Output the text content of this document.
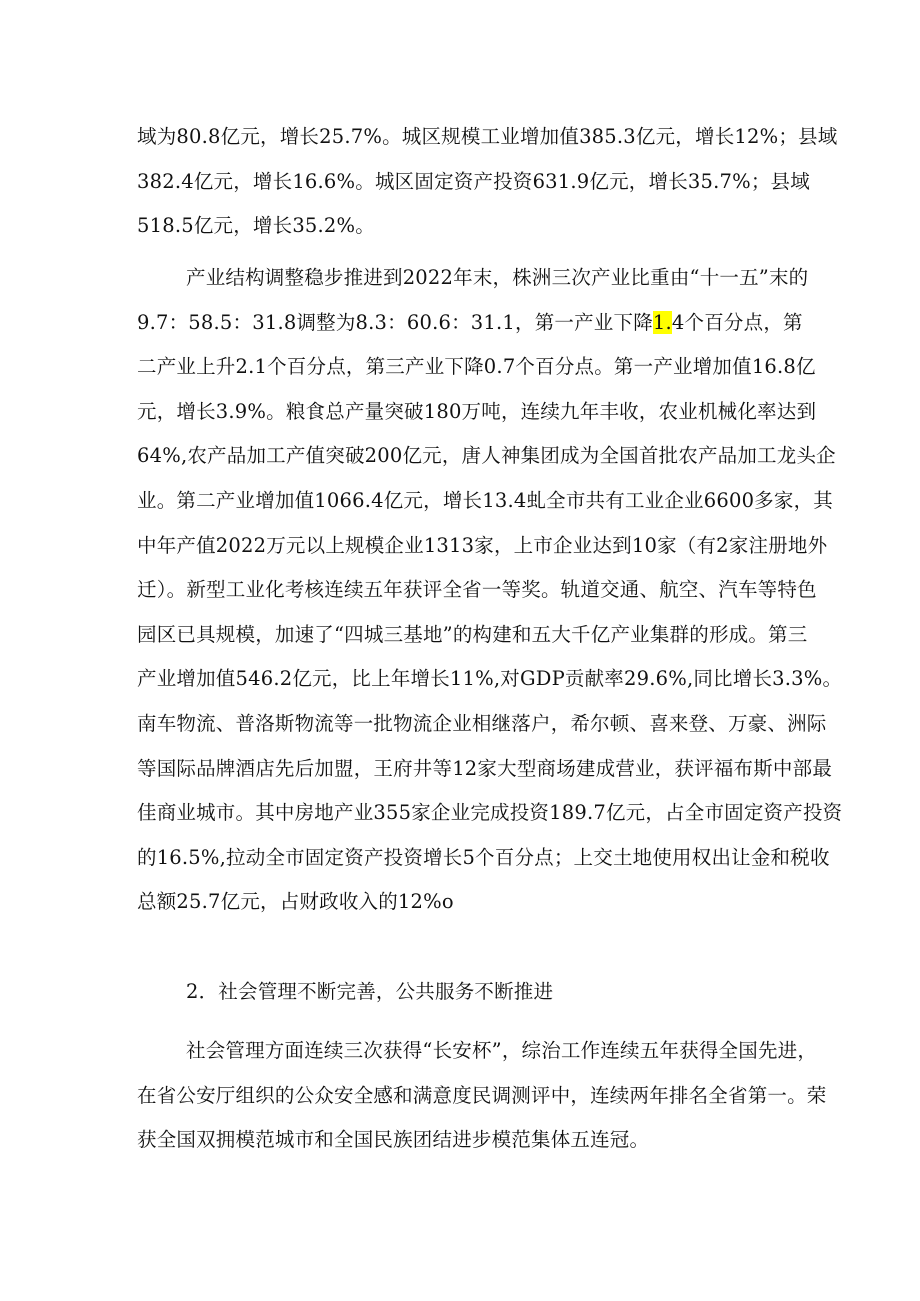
域为80.8亿元，增长25.7%。城区规模工业增加值385.3亿元，增长12%；县域
382.4亿元，增长16.6%。城区固定资产投资631.9亿元，增长35.7%；县域
518.5亿元，增长35.2%。
产业结构调整稳步推进到2022年末，株洲三次产业比重由“十一五”末的
9.7：58.5：31.8调整为8.3：60.6：31.1，第一产业下降1.4个百分点，第
二产业上升2.1个百分点，第三产业下降0.7个百分点。第一产业增加值16.8亿
元，增长3.9%。粮食总产量突破180万吨，连续九年丰收，农业机械化率达到
64%,农产品加工产值突破200亿元，唐人神集团成为全国首批农产品加工龙头企
业。第二产业增加值1066.4亿元，增长13.4虬全市共有工业企业6600多家，其
中年产值2022万元以上规模企业1313家，上市企业达到10家（有2家注册地外
迁）。新型工业化考核连续五年获评全省一等奖。轨道交通、航空、汽车等特色
园区已具规模，加速了“四城三基地”的构建和五大千亿产业集群的形成。第三
产业增加值546.2亿元，比上年增长11%,对GDP贡献率29.6%,同比增长3.3%。
南车物流、普洛斯物流等一批物流企业相继落户，希尔顿、喜来登、万豪、洲际
等国际品牌酒店先后加盟，王府井等12家大型商场建成营业，获评福布斯中部最
佳商业城市。其中房地产业355家企业完成投资189.7亿元，占全市固定资产投资
的16.5%,拉动全市固定资产投资增长5个百分点；上交土地使用权出让金和税收
总额25.7亿元，占财政收入的12%o
2．社会管理不断完善，公共服务不断推进
社会管理方面连续三次获得“长安杯”，综治工作连续五年获得全国先进，
在省公安厅组织的公众安全感和满意度民调测评中，连续两年排名全省第一。荣
获全国双拥模范城市和全国民族团结进步模范集体五连冠。
